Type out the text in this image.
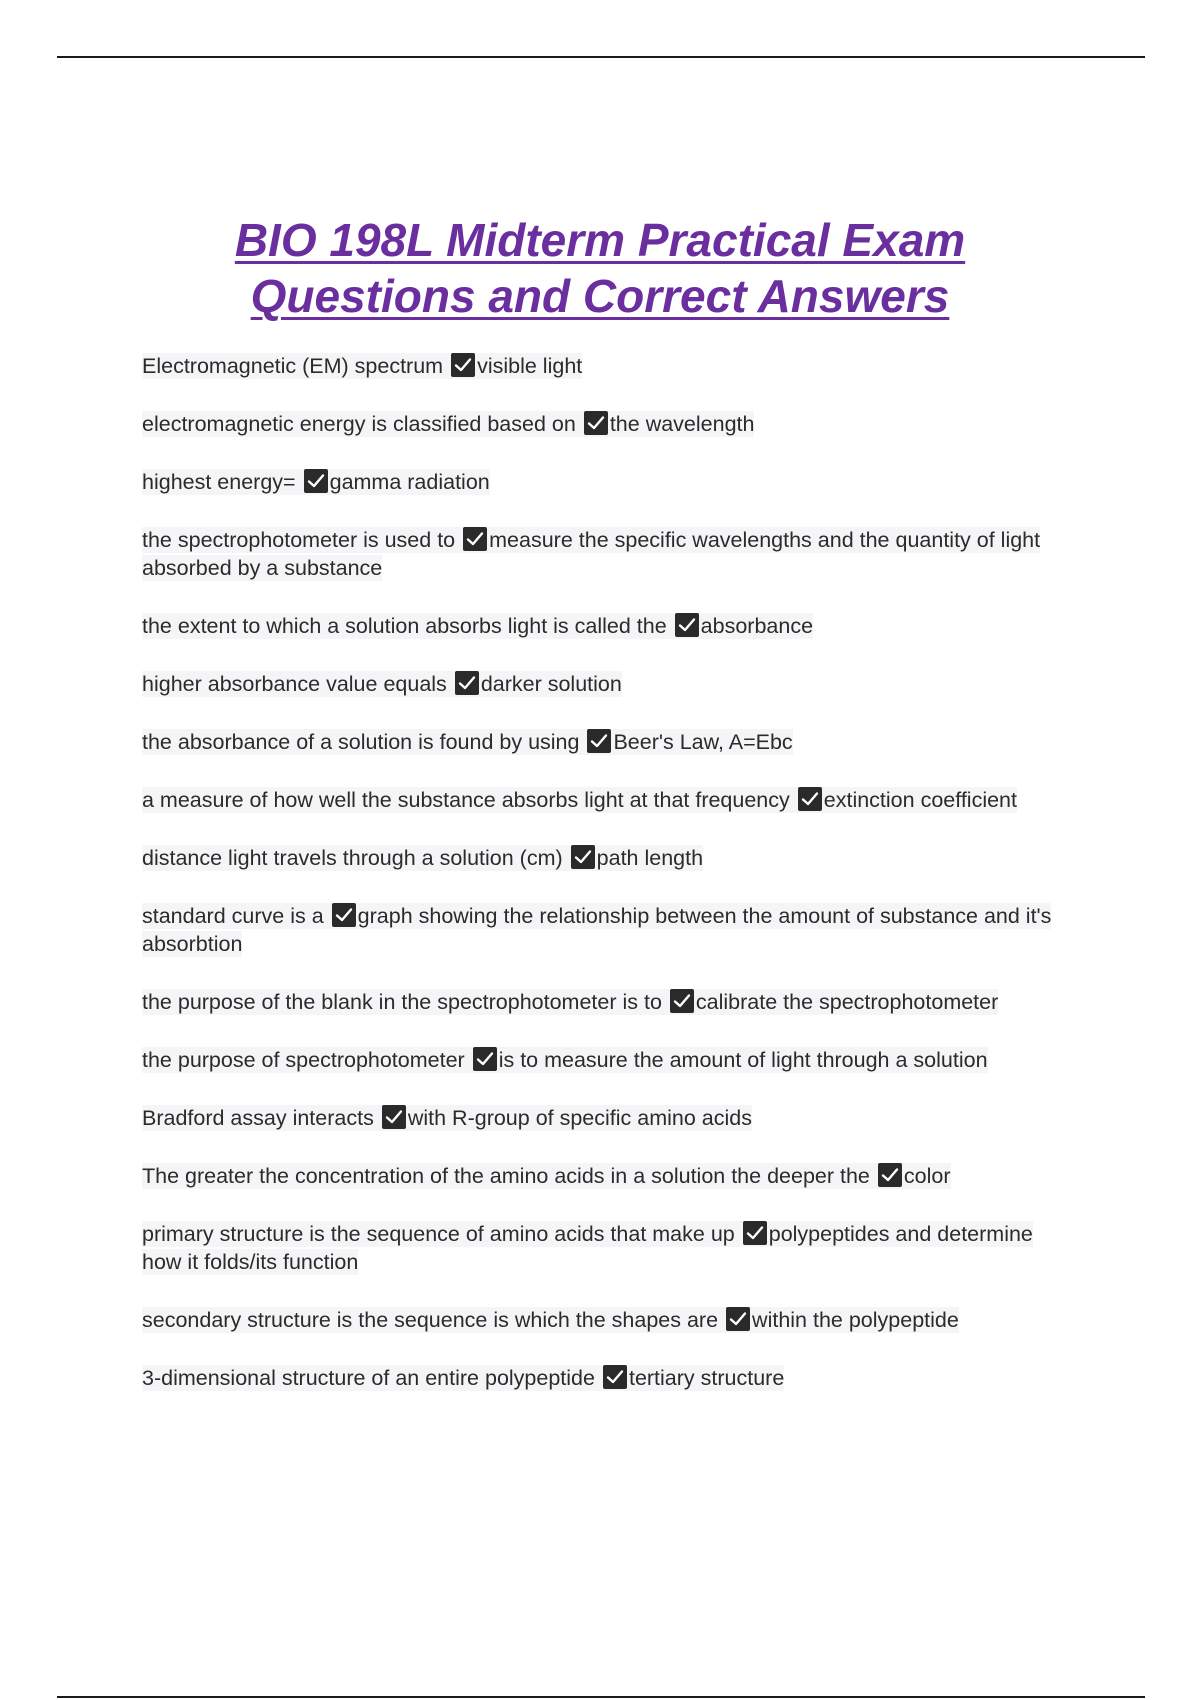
BIO 198L Midterm Practical Exam
Questions and Correct Answers
Electromagnetic (EM) spectrum visible light
electromagnetic energy is classified based on the wavelength
highest energy= gamma radiation
the spectrophotometer is used to measure the specific wavelengths and the quantity of light absorbed by a substance
the extent to which a solution absorbs light is called the absorbance
higher absorbance value equals darker solution
the absorbance of a solution is found by using Beer's Law, A=Ebc
a measure of how well the substance absorbs light at that frequency extinction coefficient
distance light travels through a solution (cm) path length
standard curve is a graph showing the relationship between the amount of substance and it's absorbtion
the purpose of the blank in the spectrophotometer is to calibrate the spectrophotometer
the purpose of spectrophotometer is to measure the amount of light through a solution
Bradford assay interacts with R-group of specific amino acids
The greater the concentration of the amino acids in a solution the deeper the color
primary structure is the sequence of amino acids that make up polypeptides and determine how it folds/its function
secondary structure is the sequence is which the shapes are within the polypeptide
3-dimensional structure of an entire polypeptide tertiary structure
